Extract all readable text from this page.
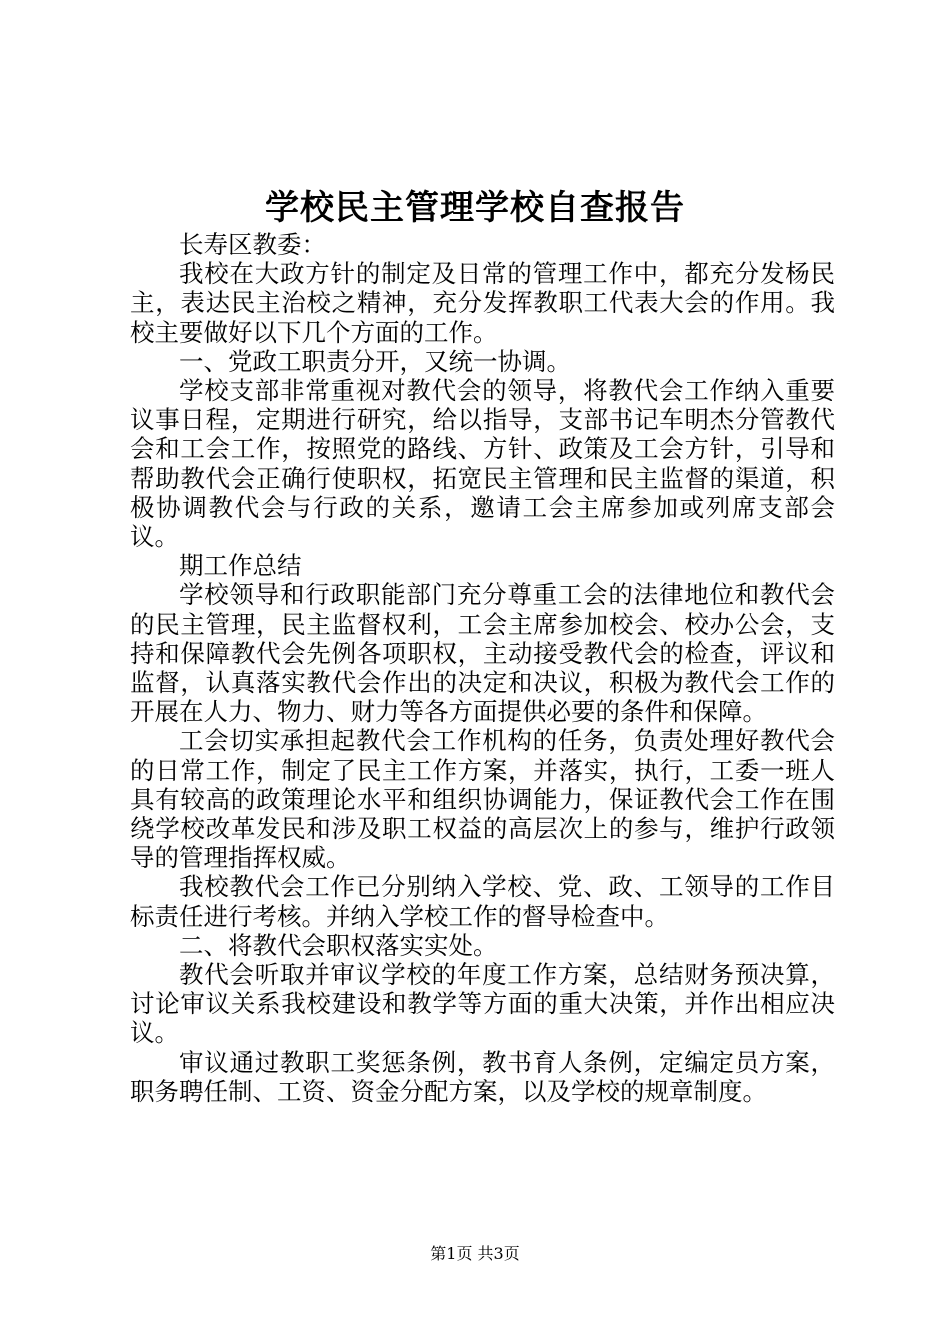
学校民主管理学校自查报告

长寿区教委：

我校在大政方针的制定及日常的管理工作中，都充分发杨民主，表达民主治校之精神，充分发挥教职工代表大会的作用。我校主要做好以下几个方面的工作。

一、党政工职责分开，又统一协调。

学校支部非常重视对教代会的领导，将教代会工作纳入重要议事日程，定期进行研究，给以指导，支部书记车明杰分管教代会和工会工作，按照党的路线、方针、政策及工会方针，引导和帮助教代会正确行使职权，拓宽民主管理和民主监督的渠道，积极协调教代会与行政的关系，邀请工会主席参加或列席支部会议。

期工作总结

学校领导和行政职能部门充分尊重工会的法律地位和教代会的民主管理，民主监督权利，工会主席参加校会、校办公会，支持和保障教代会先例各项职权，主动接受教代会的检查，评议和监督，认真落实教代会作出的决定和决议，积极为教代会工作的开展在人力、物力、财力等各方面提供必要的条件和保障。

工会切实承担起教代会工作机构的任务，负责处理好教代会的日常工作，制定了民主工作方案，并落实，执行，工委一班人具有较高的政策理论水平和组织协调能力，保证教代会工作在围绕学校改革发民和涉及职工权益的高层次上的参与，维护行政领导的管理指挥权威。

我校教代会工作已分别纳入学校、党、政、工领导的工作目标责任进行考核。并纳入学校工作的督导检查中。

二、将教代会职权落实实处。

教代会听取并审议学校的年度工作方案，总结财务预决算，讨论审议关系我校建设和教学等方面的重大决策，并作出相应决议。

审议通过教职工奖惩条例，教书育人条例，定编定员方案，职务聘任制、工资、资金分配方案，以及学校的规章制度。

第1页 共3页
